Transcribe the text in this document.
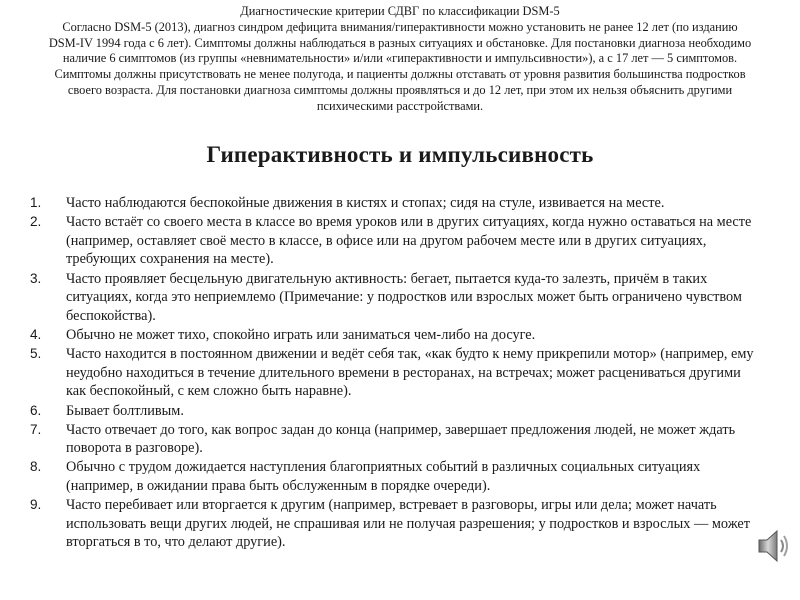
Диагностические критерии СДВГ по классификации DSM-5

Согласно DSM-5 (2013), диагноз синдром дефицита внимания/гиперактивности можно установить не ранее 12 лет (по изданию DSM-IV 1994 года с 6 лет). Симптомы должны наблюдаться в разных ситуациях и обстановке. Для постановки диагноза необходимо наличие 6 симптомов (из группы «невнимательности» и/или «гиперактивности и импульсивности»), а с 17 лет — 5 симптомов. Симптомы должны присутствовать не менее полугода, и пациенты должны отставать от уровня развития большинства подростков своего возраста. Для постановки диагноза симптомы должны проявляться и до 12 лет, при этом их нельзя объяснить другими психическими расстройствами.

Гиперактивность и импульсивность
1.	Часто наблюдаются беспокойные движения в кистях и стопах; сидя на стуле, извивается на месте.
2.	Часто встаёт со своего места в классе во время уроков или в других ситуациях, когда нужно оставаться на месте (например, оставляет своё место в классе, в офисе или на другом рабочем месте или в других ситуациях, требующих сохранения на месте).
3.	Часто проявляет бесцельную двигательную активность: бегает, пытается куда-то залезть, причём в таких ситуациях, когда это неприемлемо (Примечание: у подростков или взрослых может быть ограничено чувством беспокойства).
4.	Обычно не может тихо, спокойно играть или заниматься чем-либо на досуге.
5.	Часто находится в постоянном движении и ведёт себя так, «как будто к нему прикрепили мотор» (например, ему неудобно находиться в течение длительного времени в ресторанах, на встречах; может расцениваться другими как беспокойный, с кем сложно быть наравне).
6.	Бывает болтливым.
7.	Часто отвечает до того, как вопрос задан до конца (например, завершает предложения людей, не может ждать поворота в разговоре).
8.	Обычно с трудом дожидается наступления благоприятных событий в различных социальных ситуациях (например, в ожидании права быть обслуженным в порядке очереди).
9.	Часто перебивает или вторгается к другим (например, встревает в разговоры, игры или дела; может начать использовать вещи других людей, не спрашивая или не получая разрешения; у подростков и взрослых — может вторгаться в то, что делают другие).
